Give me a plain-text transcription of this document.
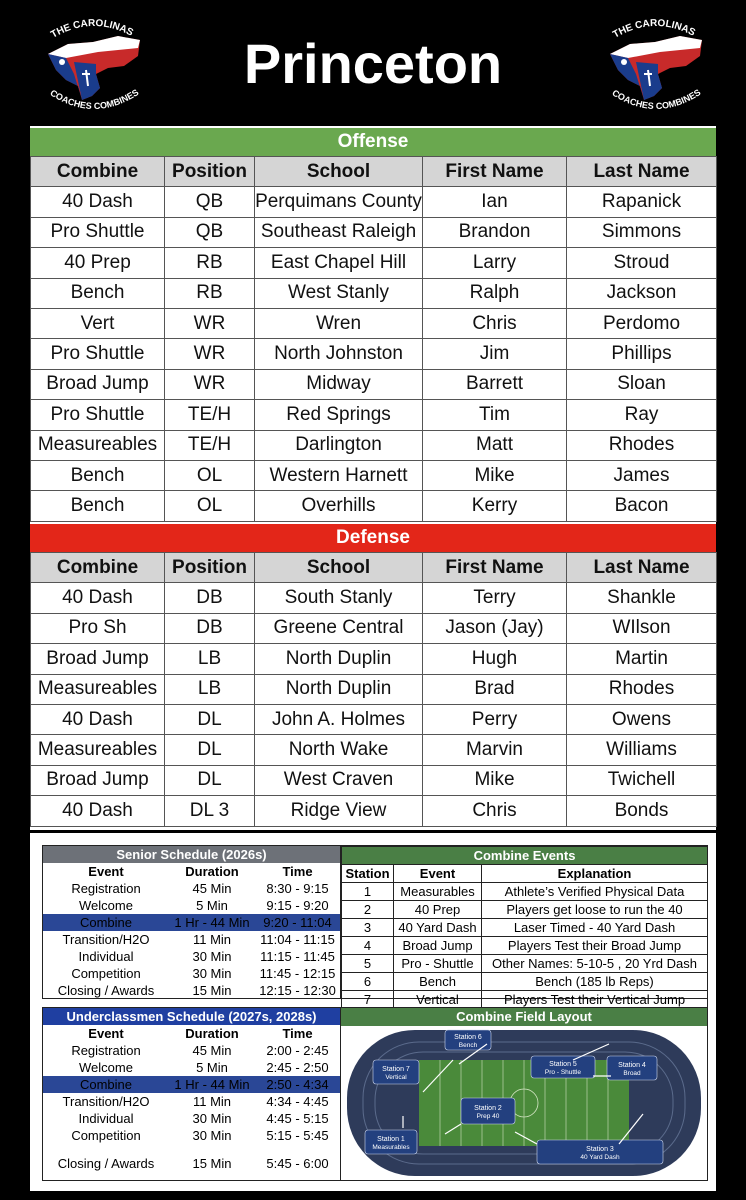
THE CAROLINAS
COACHES COMBINES	Princeton	THE CAROLINAS
COACHES COMBINES
Offense
Combine	Position	School	First Name	Last Name
40 Dash	QB	Perquimans County	Ian	Rapanick
Pro Shuttle	QB	Southeast Raleigh	Brandon	Simmons
40 Prep	RB	East Chapel Hill	Larry	Stroud
Bench	RB	West Stanly	Ralph	Jackson
Vert	WR	Wren	Chris	Perdomo
Pro Shuttle	WR	North Johnston	Jim	Phillips
Broad Jump	WR	Midway	Barrett	Sloan
Pro Shuttle	TE/H	Red Springs	Tim	Ray
Measureables	TE/H	Darlington	Matt	Rhodes
Bench	OL	Western Harnett	Mike	James
Bench	OL	Overhills	Kerry	Bacon
Defense
Combine	Position	School	First Name	Last Name
40 Dash	DB	South Stanly	Terry	Shankle
Pro Sh	DB	Greene Central	Jason (Jay)	WIlson
Broad Jump	LB	North Duplin	Hugh	Martin
Measureables	LB	North Duplin	Brad	Rhodes
40 Dash	DL	John A. Holmes	Perry	Owens
Measureables	DL	North Wake	Marvin	Williams
Broad Jump	DL	West Craven	Mike	Twichell
40 Dash	DL 3	Ridge View	Chris	Bonds
Senior Schedule (2026s)		
Event	Duration	Time
Registration	45 Min	8:30 - 9:15
Welcome	5 Min	9:15 - 9:20
Combine	1 Hr - 44 Min	9:20 - 11:04
Transition/H2O	11 Min	11:04 - 11:15
Individual	30 Min	11:15 - 11:45
Competition	30 Min	11:45 - 12:15
Closing / Awards	15 Min	12:15 - 12:30
Combine Events		
Station	Event	Explanation
1	Measurables	Athlete’s Verified Physical Data
2	40 Prep	Players get loose to run the 40
3	40 Yard Dash	Laser Timed - 40 Yard Dash
4	Broad Jump	Players Test their Broad Jump
5	Pro - Shuttle	Other Names: 5-10-5 , 20 Yrd Dash
6	Bench	Bench (185 lb Reps)
7	Vertical	Players Test their Vertical Jump
Underclassmen Schedule (2027s, 2028s)		
Event	Duration	Time
Registration	45 Min	2:00 - 2:45
Welcome	5 Min	2:45 - 2:50
Combine	1 Hr - 44 Min	2:50 - 4:34
Transition/H2O	11 Min	4:34 - 4:45
Individual	30 Min	4:45 - 5:15
Competition	30 Min	5:15 - 5:45
Closing / Awards	15 Min	5:45 - 6:00
Combine Field Layout
Station 6
Bench
Station 7
Vertical
Station 5
Pro - Shuttle
Station 4
Broad
Station 2
Prep 40
Station 1
Measurables	Station 3
40 Yard Dash
